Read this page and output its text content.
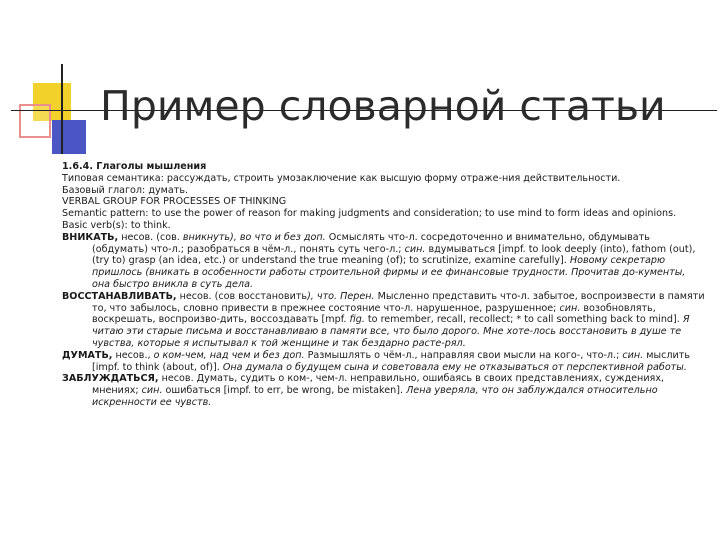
Пример словарной статьи

1.6.4. Глаголы мышления

Типовая семантика: рассуждать, строить умозаключение как высшую форму отраже-ния действительности.

Базовый глагол: думать.

VERBAL GROUP FOR PROCESSES OF THINKING

Semantic pattern: to use the power of reason for making judgments and consideration; to use mind to form ideas and opinions.

Basic verb(s): to think.

ВНИКАТЬ, несов. (сов. вникнуть), во что и без доп. Осмыслять что-л. сосредоточенно и внимательно, обдумывать (обдумать) что-л.; разобраться в чём-л., понять суть чего-л.; син. вдумываться [impf. to look deeply (into), fathom (out), (try to) grasp (an idea, etc.) or understand the true meaning (of); to scrutinize, examine carefully]. Новому секретарю пришлось (вникать в особенности работы строительной фирмы и ее финансовые трудности. Прочитав до-кументы, она быстро вникла в суть дела.

ВОССТАНАВЛИВАТЬ, несов. (сов восстановить), что. Перен. Мысленно представить что-л. забытое, воспроизвести в памяти то, что забылось, словно привести в прежнее состояние что-л. нарушенное, разрушенное; син. возобновлять, воскрешать, воспроизво-дить, воссоздавать [mpf. fig. to remember, recall, recollect; * to call something back to mind]. Я читаю эти старые письма и восстанавливаю в памяти все, что было дорого. Мне хоте-лось восстановить в душе те чувства, которые я испытывал к той женщине и так бездарно расте-рял.

ДУМАТЬ, несов., о ком-чем, над чем и без доп. Размышлять о чём-л., направляя свои мысли на кого-, что-л.; син. мыслить [impf. to think (about, of)]. Она думала о будущем сына и советовала ему не отказываться от перспективной работы.

ЗАБЛУЖДАТЬСЯ, несов. Думать, судить о ком-, чем-л. неправильно, ошибаясь в своих представлениях, суждениях, мнениях; син. ошибаться [impf. to err, be wrong, be mistaken]. Лена уверяла, что он заблуждался относительно искренности ее чувств.
